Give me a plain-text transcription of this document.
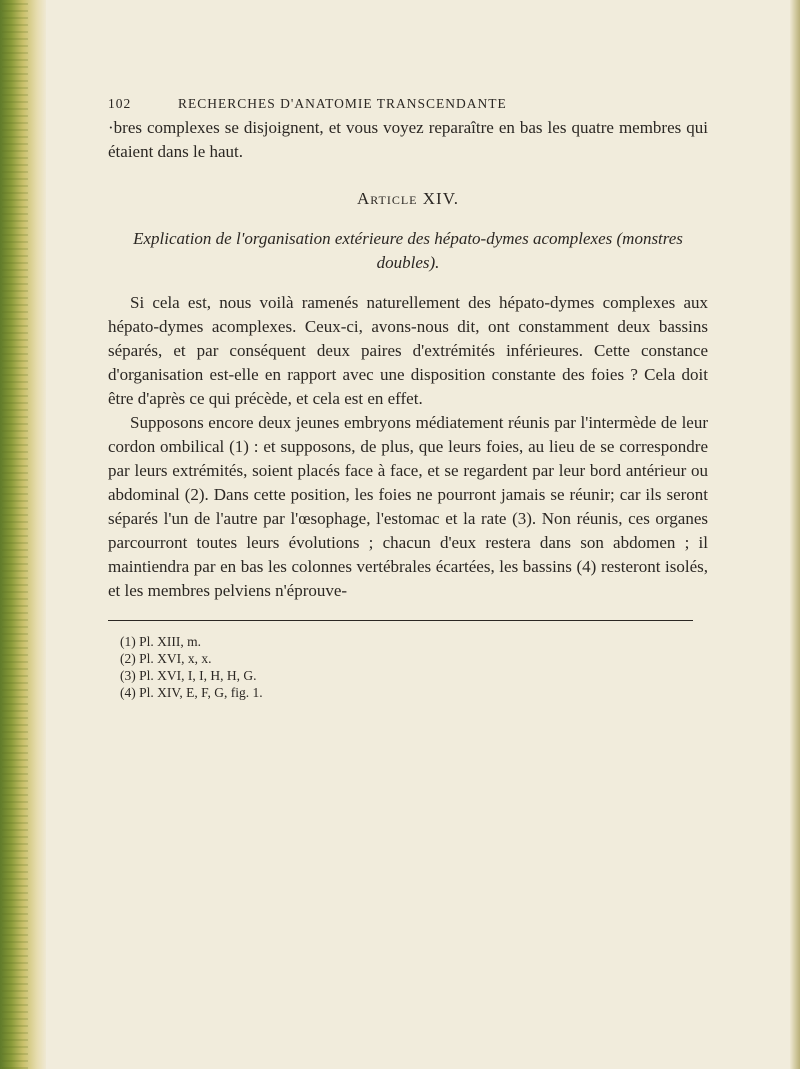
102	RECHERCHES D'ANATOMIE TRANSCENDANTE

·bres complexes se disjoignent, et vous voyez reparaître en bas les quatre membres qui étaient dans le haut.

Article XIV.
Explication de l'organisation extérieure des hépato-dymes acomplexes (monstres doubles).

Si cela est, nous voilà ramenés naturellement des hépato-dymes complexes aux hépato-dymes acomplexes. Ceux-ci, avons-nous dit, ont constamment deux bassins séparés, et par conséquent deux paires d'extrémités inférieures. Cette constance d'organisation est-elle en rapport avec une disposition constante des foies ? Cela doit être d'après ce qui précède, et cela est en effet.

Supposons encore deux jeunes embryons médiatement réunis par l'intermède de leur cordon ombilical (1) : et supposons, de plus, que leurs foies, au lieu de se correspondre par leurs extrémités, soient placés face à face, et se regardent par leur bord antérieur ou abdominal (2). Dans cette position, les foies ne pourront jamais se réunir; car ils seront séparés l'un de l'autre par l'œsophage, l'estomac et la rate (3). Non réunis, ces organes parcourront toutes leurs évolutions ; chacun d'eux restera dans son abdomen ; il maintiendra par en bas les colonnes vertébrales écartées, les bassins (4) resteront isolés, et les membres pelviens n'éprouve-

(1) Pl. XIII, m.
(2) Pl. XVI, x, x.
(3) Pl. XVI, I, I, H, H, G.
(4) Pl. XIV, E, F, G, fig. 1.
